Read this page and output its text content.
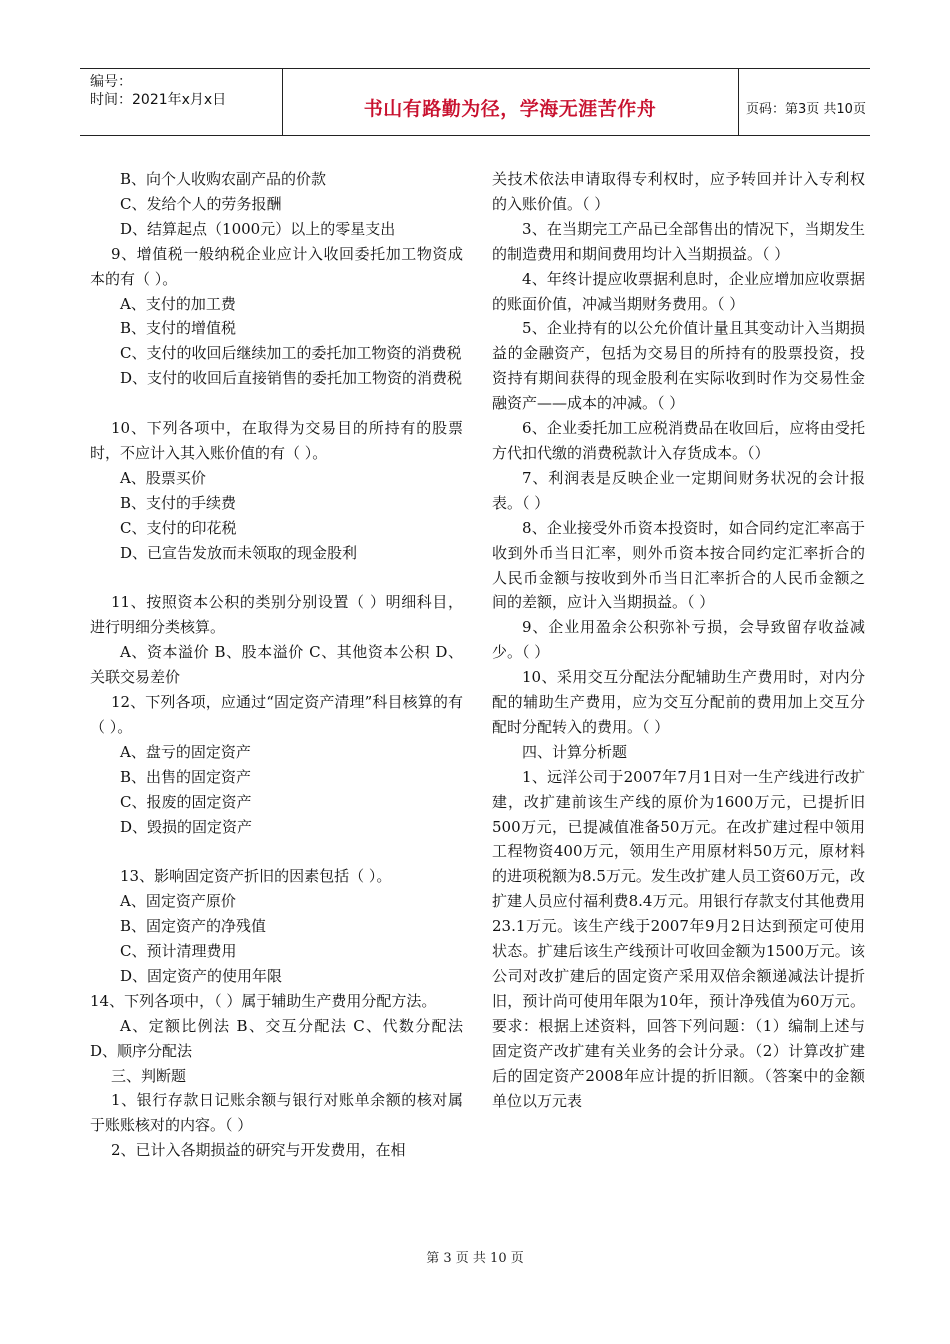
编号：
时间：2021年x月x日	书山有路勤为径，学海无涯苦作舟	页码：第3页 共10页

B、向个人收购农副产品的价款

C、发给个人的劳务报酬

D、结算起点（1000元）以上的零星支出

9、增值税一般纳税企业应计入收回委托加工物资成本的有（ ）。

A、支付的加工费

B、支付的增值税

C、支付的收回后继续加工的委托加工物资的消费税

D、支付的收回后直接销售的委托加工物资的消费税

10、下列各项中，在取得为交易目的所持有的股票时，不应计入其入账价值的有（ ）。

A、股票买价

B、支付的手续费

C、支付的印花税

D、已宣告发放而未领取的现金股利

11、按照资本公积的类别分别设置（ ）明细科目，进行明细分类核算。

A、资本溢价 B、股本溢价 C、其他资本公积 D、关联交易差价

12、下列各项，应通过“固定资产清理”科目核算的有（ ）。

A、盘亏的固定资产

B、出售的固定资产

C、报废的固定资产

D、毁损的固定资产

13、影响固定资产折旧的因素包括（ ）。

A、固定资产原价

B、固定资产的净残值

C、预计清理费用

D、固定资产的使用年限

14、下列各项中，（ ）属于辅助生产费用分配方法。

A、定额比例法 B、交互分配法 C、代数分配法 D、顺序分配法

三、判断题

1、银行存款日记账余额与银行对账单余额的核对属于账账核对的内容。（ ）

2、已计入各期损益的研究与开发费用，在相

关技术依法申请取得专利权时，应予转回并计入专利权的入账价值。（ ）

3、在当期完工产品已全部售出的情况下，当期发生的制造费用和期间费用均计入当期损益。（ ）

4、年终计提应收票据利息时，企业应增加应收票据的账面价值，冲减当期财务费用。（ ）

5、企业持有的以公允价值计量且其变动计入当期损益的金融资产，包括为交易目的所持有的股票投资，投资持有期间获得的现金股利在实际收到时作为交易性金融资产——成本的冲减。（ ）

6、企业委托加工应税消费品在收回后，应将由受托方代扣代缴的消费税款计入存货成本。（）

7、利润表是反映企业一定期间财务状况的会计报表。（ ）

8、企业接受外币资本投资时，如合同约定汇率高于收到外币当日汇率，则外币资本按合同约定汇率折合的人民币金额与按收到外币当日汇率折合的人民币金额之间的差额，应计入当期损益。（ ）

9、企业用盈余公积弥补亏损，会导致留存收益减少。（ ）

10、采用交互分配法分配辅助生产费用时，对内分配的辅助生产费用，应为交互分配前的费用加上交互分配时分配转入的费用。（ ）

四、计算分析题

1、远洋公司于2007年7月1日对一生产线进行改扩建，改扩建前该生产线的原价为1600万元，已提折旧500万元，已提减值准备50万元。在改扩建过程中领用工程物资400万元，领用生产用原材料50万元，原材料的进项税额为8.5万元。发生改扩建人员工资60万元，改扩建人员应付福利费8.4万元。用银行存款支付其他费用23.1万元。该生产线于2007年9月2日达到预定可使用状态。扩建后该生产线预计可收回金额为1500万元。该公司对改扩建后的固定资产采用双倍余额递减法计提折旧，预计尚可使用年限为10年，预计净残值为60万元。要求：根据上述资料，回答下列问题：（1）编制上述与固定资产改扩建有关业务的会计分录。（2）计算改扩建后的固定资产2008年应计提的折旧额。（答案中的金额单位以万元表

第 3 页 共 10 页
